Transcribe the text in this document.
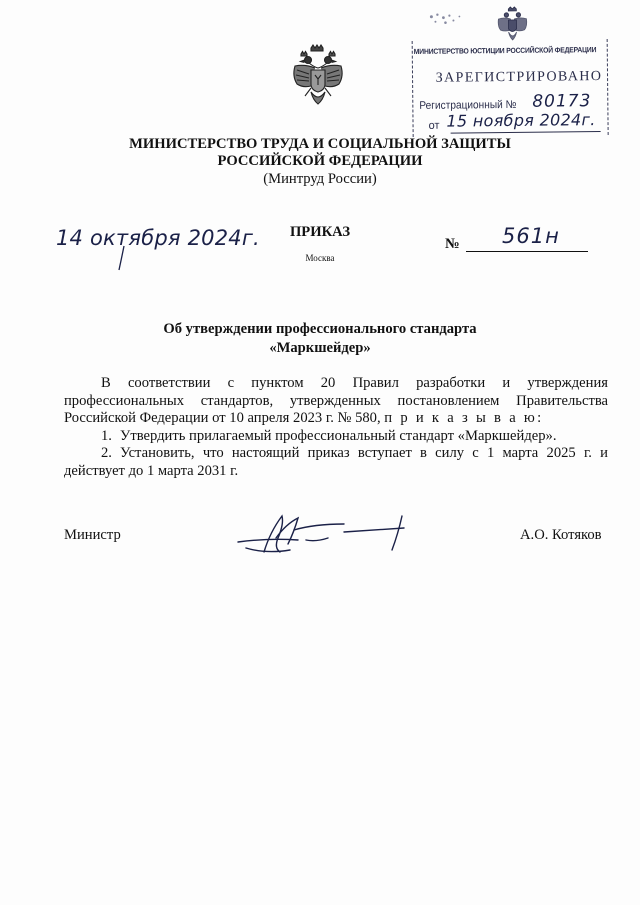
МИНИСТЕРСТВО ЮСТИЦИИ РОССИЙСКОЙ ФЕДЕРАЦИИ
ЗАРЕГИСТРИРОВАНО
Регистрационный № 80173
от 15 ноября 2024г.
МИНИСТЕРСТВО ТРУДА И СОЦИАЛЬНОЙ ЗАЩИТЫ
РОССИЙСКОЙ ФЕДЕРАЦИИ
(Минтруд России)
14 октября 2024г.	ПРИКАЗ
Москва
№ 561н
Об утверждении профессионального стандарта
«Маркшейдер»

В соответствии с пунктом 20 Правил разработки и утверждения профессиональных стандартов, утвержденных постановлением Правительства Российской Федерации от 10 апреля 2023 г. № 580, п р и к а з ы в а ю:

1. Утвердить прилагаемый профессиональный стандарт «Маркшейдер».

2. Установить, что настоящий приказ вступает в силу с 1 марта 2025 г. и действует до 1 марта 2031 г.

Министр	А.О. Котяков
